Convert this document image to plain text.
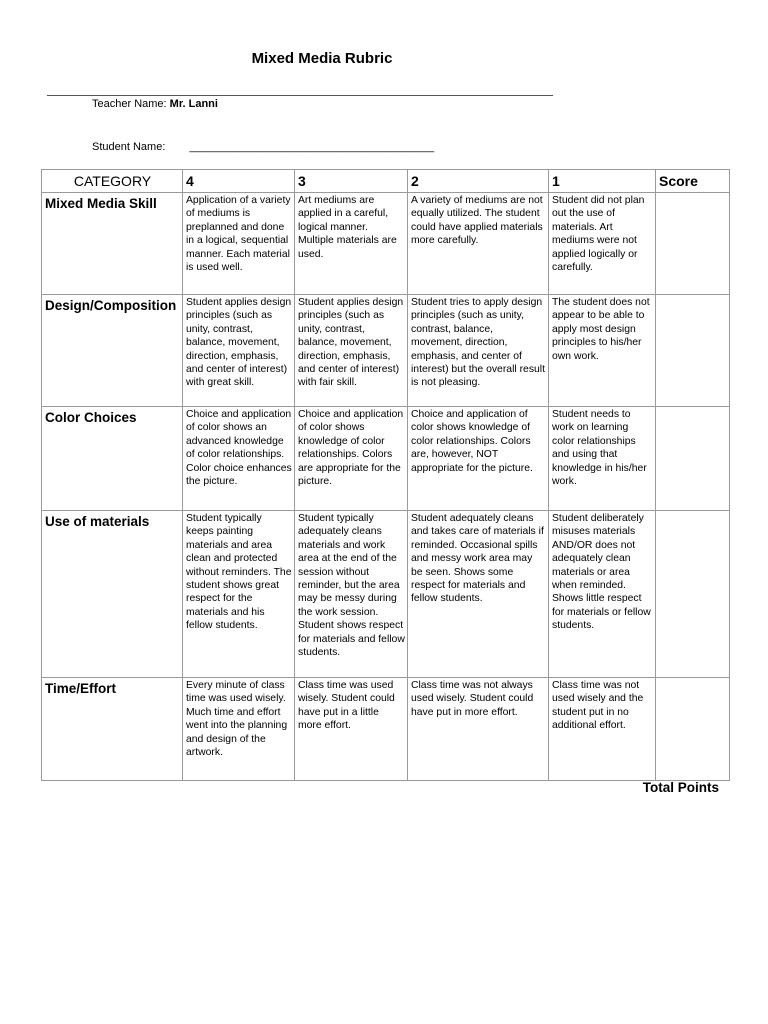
Mixed Media Rubric
Teacher Name: Mr. Lanni
Student Name: ________________________________________
CATEGORY	4	3	2	1	Score
Mixed Media Skill	Application of a variety of mediums is preplanned and done in a logical, sequential manner. Each material is used well.	Art mediums are applied in a careful, logical manner. Multiple materials are used.	A variety of mediums are not equally utilized. The student could have applied materials more carefully.	Student did not plan out the use of materials. Art mediums were not applied logically or carefully.	
Design/Composition	Student applies design principles (such as unity, contrast, balance, movement, direction, emphasis, and center of interest) with great skill.	Student applies design principles (such as unity, contrast, balance, movement, direction, emphasis, and center of interest) with fair skill.	Student tries to apply design principles (such as unity, contrast, balance, movement, direction, emphasis, and center of interest) but the overall result is not pleasing.	The student does not appear to be able to apply most design principles to his/her own work.	
Color Choices	Choice and application of color shows an advanced knowledge of color relationships. Color choice enhances the picture.	Choice and application of color shows knowledge of color relationships. Colors are appropriate for the picture.	Choice and application of color shows knowledge of color relationships. Colors are, however, NOT appropriate for the picture.	Student needs to work on learning color relationships and using that knowledge in his/her work.	
Use of materials	Student typically keeps painting materials and area clean and protected without reminders. The student shows great respect for the materials and his fellow students.	Student typically adequately cleans materials and work area at the end of the session without reminder, but the area may be messy during the work session. Student shows respect for materials and fellow students.	Student adequately cleans and takes care of materials if reminded. Occasional spills and messy work area may be seen. Shows some respect for materials and fellow students.	Student deliberately misuses materials AND/OR does not adequately clean materials or area when reminded. Shows little respect for materials or fellow students.	
Time/Effort	Every minute of class time was used wisely. Much time and effort went into the planning and design of the artwork.	Class time was used wisely. Student could have put in a little more effort.	Class time was not always used wisely. Student could have put in more effort.	Class time was not used wisely and the student put in no additional effort.	
Total Points
